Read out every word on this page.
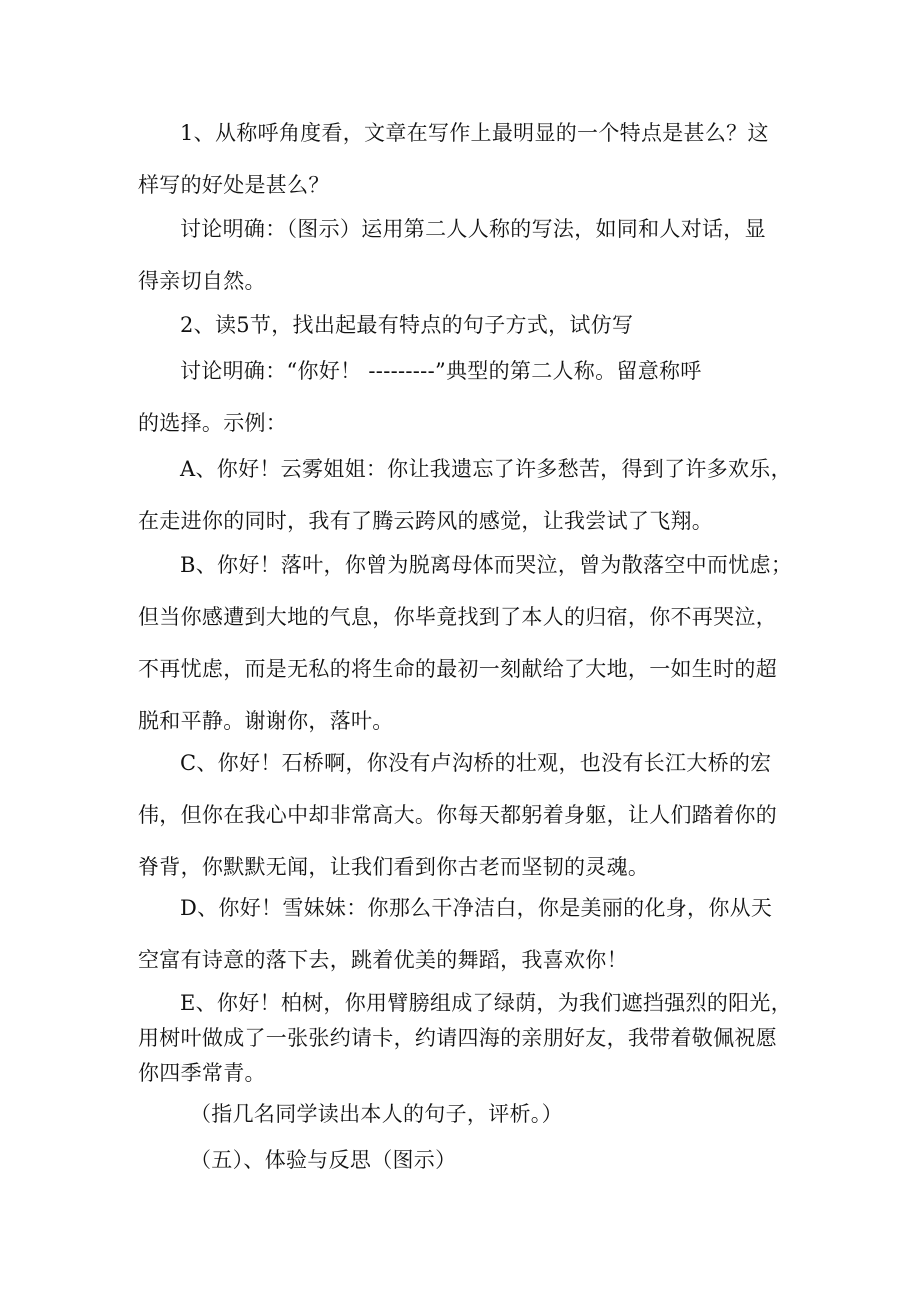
1、从称呼角度看，文章在写作上最明显的一个特点是甚么？这
样写的好处是甚么？
讨论明确：（图示）运用第二人人称的写法，如同和人对话，显
得亲切自然。
2、读5节，找出起最有特点的句子方式，试仿写
讨论明确：“你好！ ---------”典型的第二人称。留意称呼
的选择。示例：
A、你好！云雾姐姐：你让我遗忘了许多愁苦，得到了许多欢乐，
在走进你的同时，我有了腾云跨风的感觉，让我尝试了飞翔。
B、你好！落叶，你曾为脱离母体而哭泣，曾为散落空中而忧虑；
但当你感遭到大地的气息，你毕竟找到了本人的归宿，你不再哭泣，
不再忧虑，而是无私的将生命的最初一刻献给了大地，一如生时的超
脱和平静。谢谢你，落叶。
C、你好！石桥啊，你没有卢沟桥的壮观，也没有长江大桥的宏
伟，但你在我心中却非常高大。你每天都躬着身躯，让人们踏着你的
脊背，你默默无闻，让我们看到你古老而坚韧的灵魂。
D、你好！雪妹妹：你那么干净洁白，你是美丽的化身，你从天
空富有诗意的落下去，跳着优美的舞蹈，我喜欢你！
E、你好！柏树，你用臂膀组成了绿荫，为我们遮挡强烈的阳光，
用树叶做成了一张张约请卡，约请四海的亲朋好友，我带着敬佩祝愿
你四季常青。
（指几名同学读出本人的句子，评析。）
（五）、体验与反思（图示）
